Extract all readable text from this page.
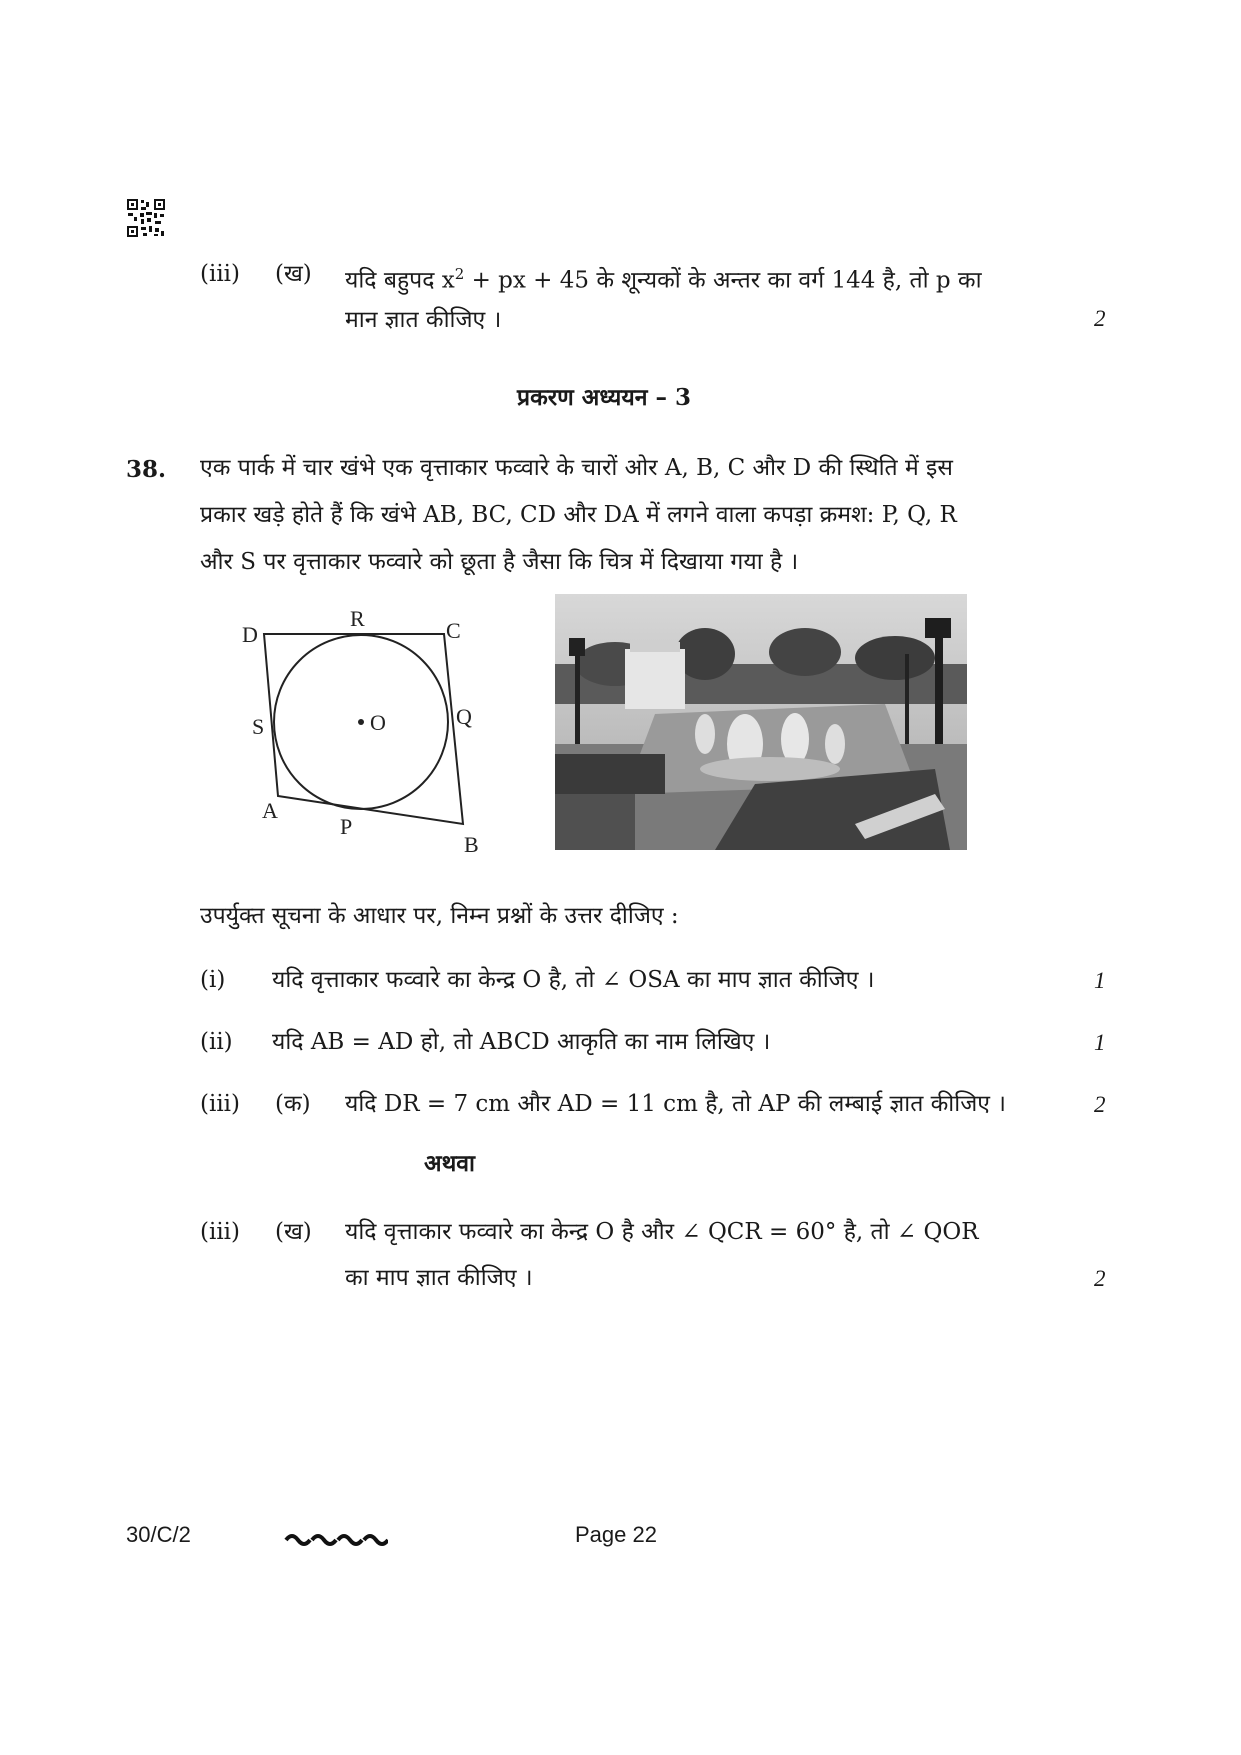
(iii) (ख) यदि बहुपद $x^2$ + px + 45 के शून्यकों के अन्तर का वर्ग 144 है, तो p का
मान ज्ञात कीजिए ।	2
प्रकरण अध्ययन – 3
38. एक पार्क में चार खंभे एक वृत्ताकार फव्वारे के चारों ओर A, B, C और D की स्थिति में इस
प्रकार खड़े होते हैं कि खंभे AB, BC, CD और DA में लगने वाला कपड़ा क्रमश: P, Q, R
और S पर वृत्ताकार फव्वारे को छूता है जैसा कि चित्र में दिखाया गया है ।
O
D
R	C
S	Q
A
P
B
उपर्युक्त सूचना के आधार पर, निम्न प्रश्नों के उत्तर दीजिए :
(i) यदि वृत्ताकार फव्वारे का केन्द्र O है, तो ∠ OSA का माप ज्ञात कीजिए ।	1
(ii) यदि AB = AD हो, तो ABCD आकृति का नाम लिखिए ।	1
(iii) (क) यदि DR = 7 cm और AD = 11 cm है, तो AP की लम्बाई ज्ञात कीजिए ।	2
अथवा
(iii) (ख) यदि वृत्ताकार फव्वारे का केन्द्र O है और ∠ QCR = 60° है, तो ∠ QOR
का माप ज्ञात कीजिए ।	2
30/C/2	Page 22
